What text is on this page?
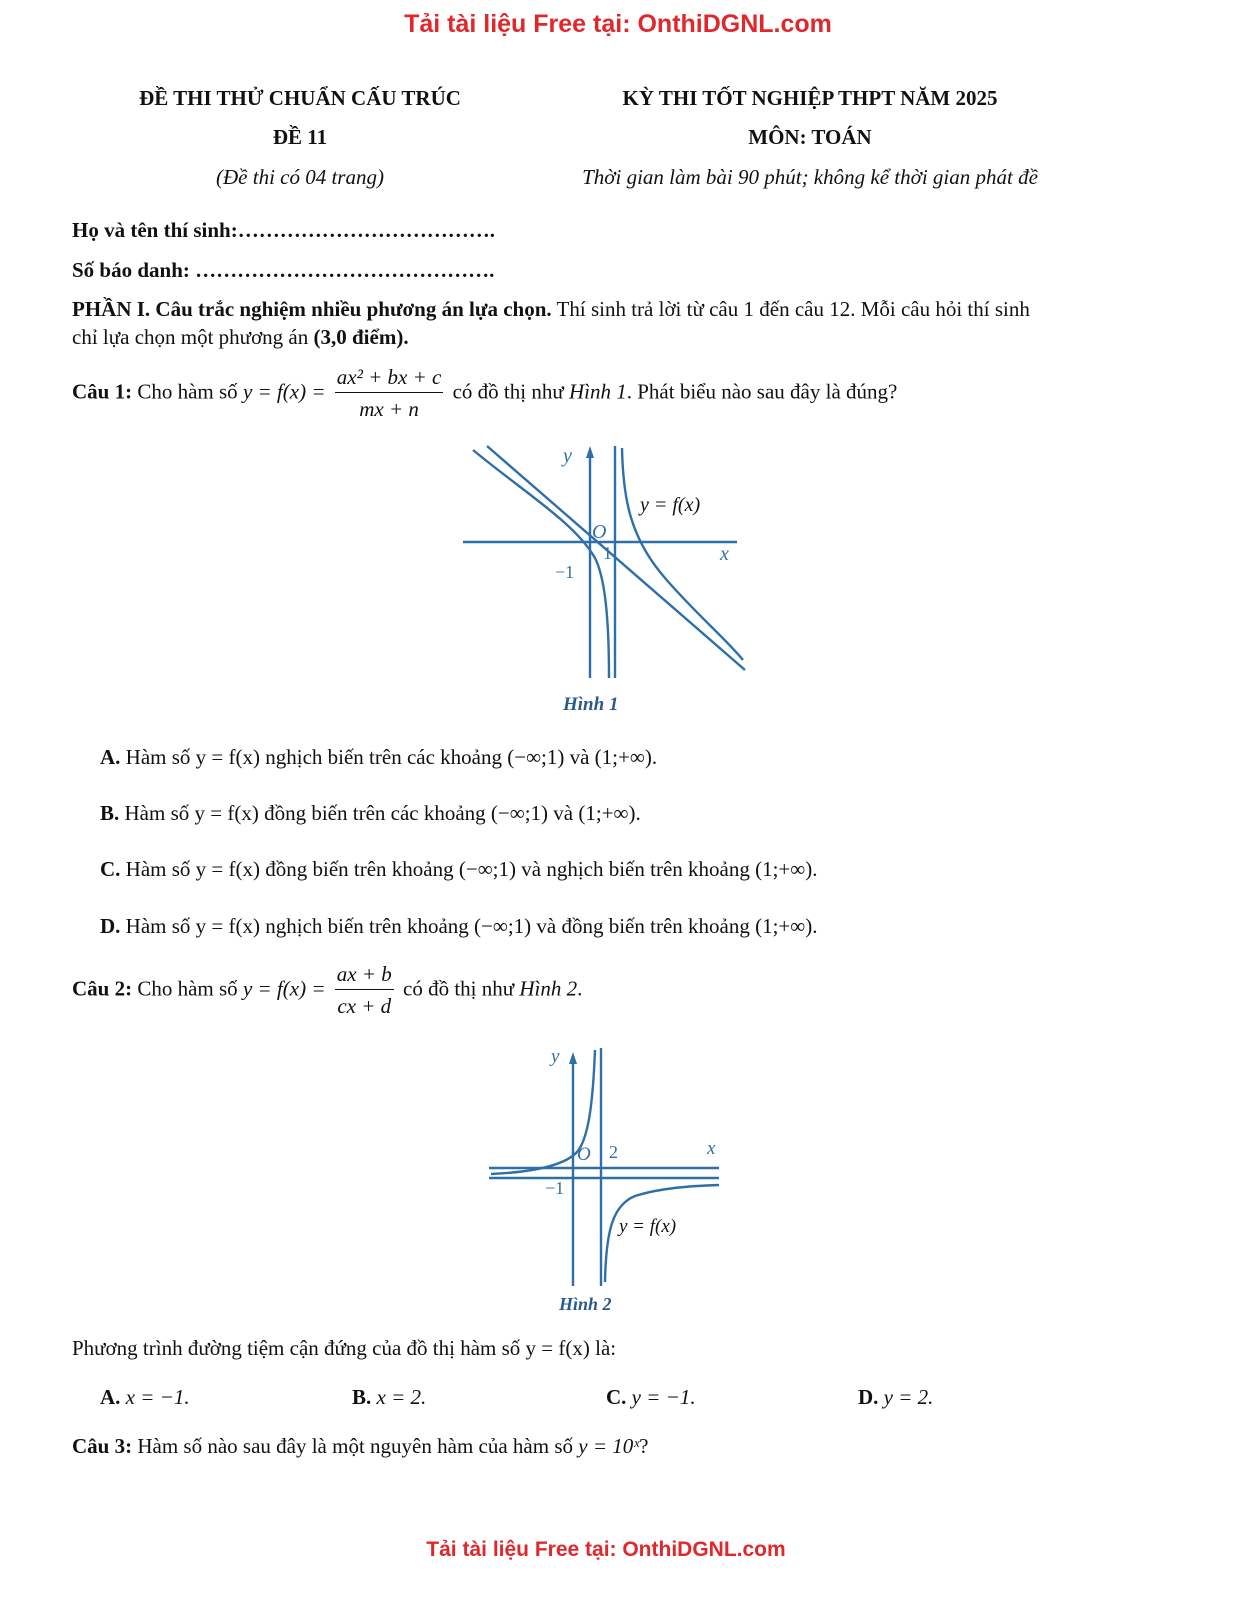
Tải tài liệu Free tại: OnthiDGNL.com
ĐỀ THI THỬ CHUẨN CẤU TRÚC
ĐỀ 11
(Đề thi có 04 trang)
KỲ THI TỐT NGHIỆP THPT NĂM 2025
MÔN: TOÁN
Thời gian làm bài 90 phút; không kể thời gian phát đề
Họ và tên thí sinh:……………………………….
Số báo danh: …………………………………….
PHẦN I. Câu trắc nghiệm nhiều phương án lựa chọn. Thí sinh trả lời từ câu 1 đến câu 12. Mỗi câu hỏi thí sinh
chỉ lựa chọn một phương án (3,0 điểm).
Câu 1: Cho hàm số $y = f(x) = \frac{\text{ax² + bx + c}}{mx + n}$ có đồ thị như Hình 1. Phát biểu nào sau đây là đúng?
y
x
O
1
−1
y = f(x)
Hình 1
A. Hàm số y = f(x) nghịch biến trên các khoảng (−∞;1) và (1;+∞).
B. Hàm số y = f(x) đồng biến trên các khoảng (−∞;1) và (1;+∞).
C. Hàm số y = f(x) đồng biến trên khoảng (−∞;1) và nghịch biến trên khoảng (1;+∞).
D. Hàm số y = f(x) nghịch biến trên khoảng (−∞;1) và đồng biến trên khoảng (1;+∞).
Câu 2: Cho hàm số $y = f(x) = \frac{ax + b}{cx + d}$ có đồ thị như Hình 2.
y
x
O 2
−1
y = f(x)
Hình 2
Phương trình đường tiệm cận đứng của đồ thị hàm số y = f(x) là:
A. x = −1.	B. x = 2.	C. y = −1.	D. y = 2.
Câu 3: Hàm số nào sau đây là một nguyên hàm của hàm số y = 10ˣ?
Tải tài liệu Free tại: OnthiDGNL.com
